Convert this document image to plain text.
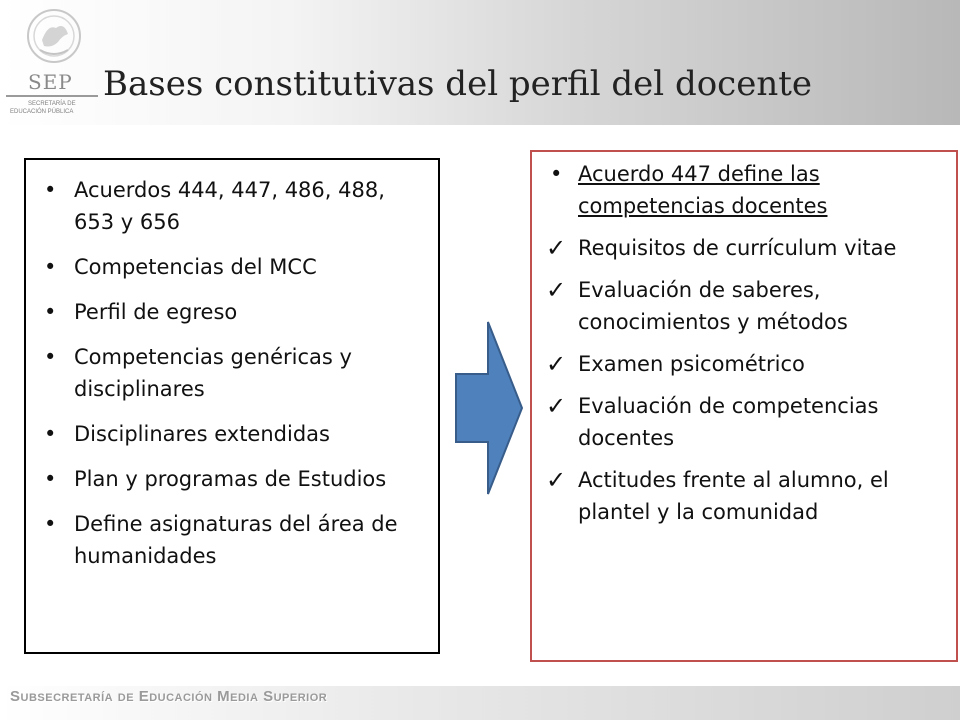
SEP
SECRETARÍA DE
EDUCACIÓN PÚBLICA
Bases constitutivas del perfil del docente
• Acuerdos 444, 447, 486, 488, 653 y 656
• Competencias del MCC
• Perfil de egreso
• Competencias genéricas y disciplinares
• Disciplinares extendidas
• Plan y programas de Estudios
• Define asignaturas del área de humanidades
• Acuerdo 447 define las competencias docentes
✓ Requisitos de currículum vitae
✓ Evaluación de saberes, conocimientos y métodos
✓ Examen psicométrico
✓ Evaluación de competencias docentes
✓ Actitudes frente al alumno, el plantel y la comunidad
Subsecretaría de Educación Media Superior
